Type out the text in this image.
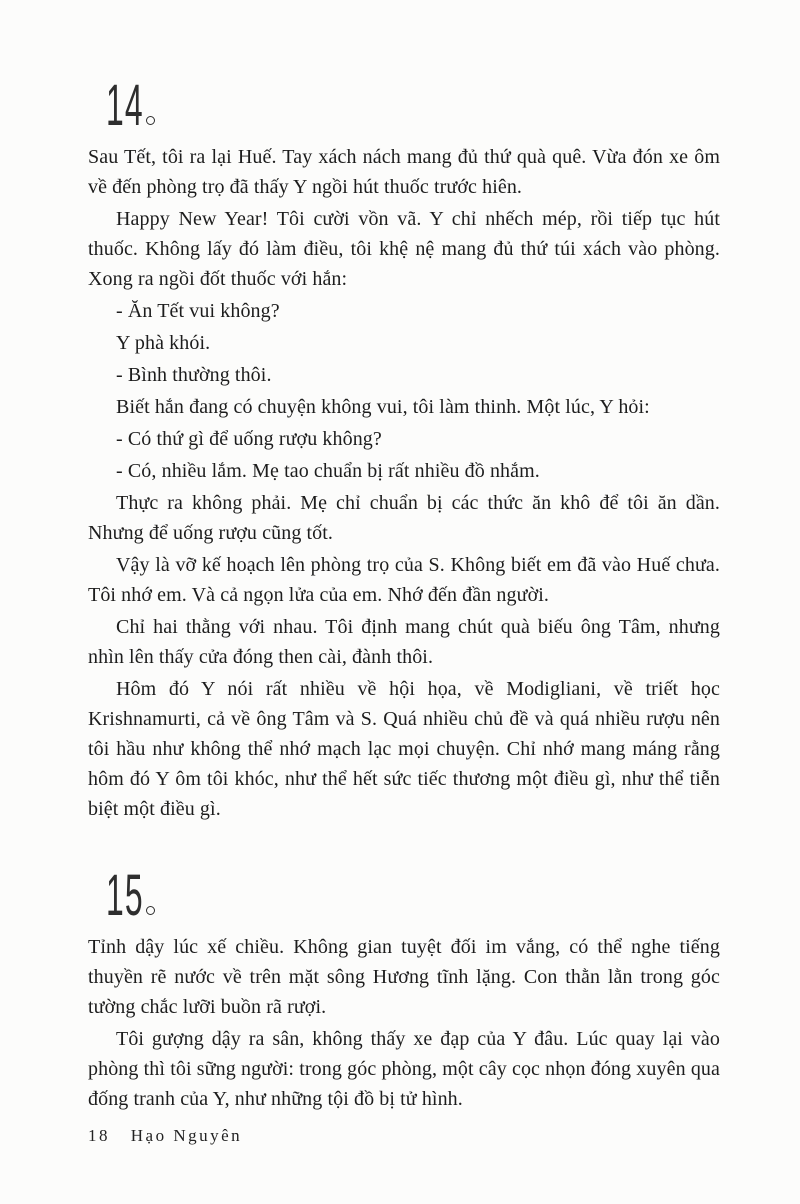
14

Sau Tết, tôi ra lại Huế. Tay xách nách mang đủ thứ quà quê. Vừa đón xe ôm về đến phòng trọ đã thấy Y ngồi hút thuốc trước hiên.

Happy New Year! Tôi cười vồn vã. Y chỉ nhếch mép, rồi tiếp tục hút thuốc. Không lấy đó làm điều, tôi khệ nệ mang đủ thứ túi xách vào phòng. Xong ra ngồi đốt thuốc với hắn:

- Ăn Tết vui không?

Y phà khói.

- Bình thường thôi.

Biết hắn đang có chuyện không vui, tôi làm thinh. Một lúc, Y hỏi:

- Có thứ gì để uống rượu không?

- Có, nhiều lắm. Mẹ tao chuẩn bị rất nhiều đồ nhắm.

Thực ra không phải. Mẹ chỉ chuẩn bị các thức ăn khô để tôi ăn dần. Nhưng để uống rượu cũng tốt.

Vậy là vỡ kế hoạch lên phòng trọ của S. Không biết em đã vào Huế chưa. Tôi nhớ em. Và cả ngọn lửa của em. Nhớ đến đần người.

Chỉ hai thằng với nhau. Tôi định mang chút quà biếu ông Tâm, nhưng nhìn lên thấy cửa đóng then cài, đành thôi.

Hôm đó Y nói rất nhiều về hội họa, về Modigliani, về triết học Krishnamurti, cả về ông Tâm và S. Quá nhiều chủ đề và quá nhiều rượu nên tôi hầu như không thể nhớ mạch lạc mọi chuyện. Chỉ nhớ mang máng rằng hôm đó Y ôm tôi khóc, như thể hết sức tiếc thương một điều gì, như thể tiễn biệt một điều gì.

15

Tỉnh dậy lúc xế chiều. Không gian tuyệt đối im vắng, có thể nghe tiếng thuyền rẽ nước về trên mặt sông Hương tĩnh lặng. Con thằn lằn trong góc tường chắc lưỡi buồn rã rượi.

Tôi gượng dậy ra sân, không thấy xe đạp của Y đâu. Lúc quay lại vào phòng thì tôi sững người: trong góc phòng, một cây cọc nhọn đóng xuyên qua đống tranh của Y, như những tội đồ bị tử hình.

18 Hạo Nguyên
